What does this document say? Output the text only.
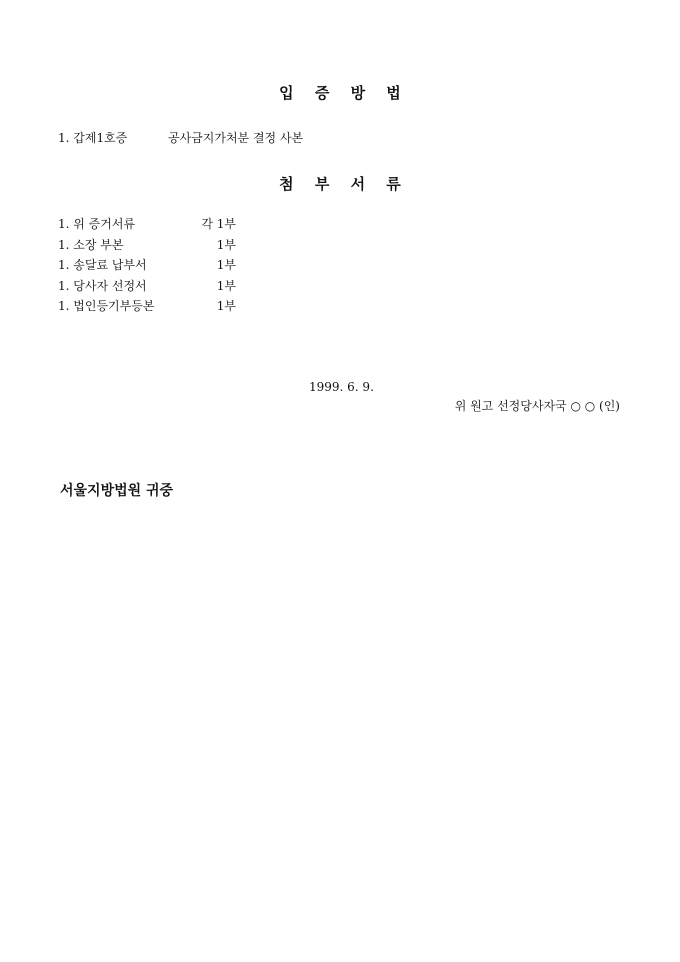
입 증 방 법
1. 갑제1호증	공사금지가처분 결정 사본
첨 부 서 류
1. 위 증거서류	각 1부
1. 소장 부본	1부
1. 송달료 납부서	1부
1. 당사자 선정서	1부
1. 법인등기부등본	1부
1999. 6. 9.
위 원고 선정당사자국 ○ ○ (인)
서울지방법원 귀중
